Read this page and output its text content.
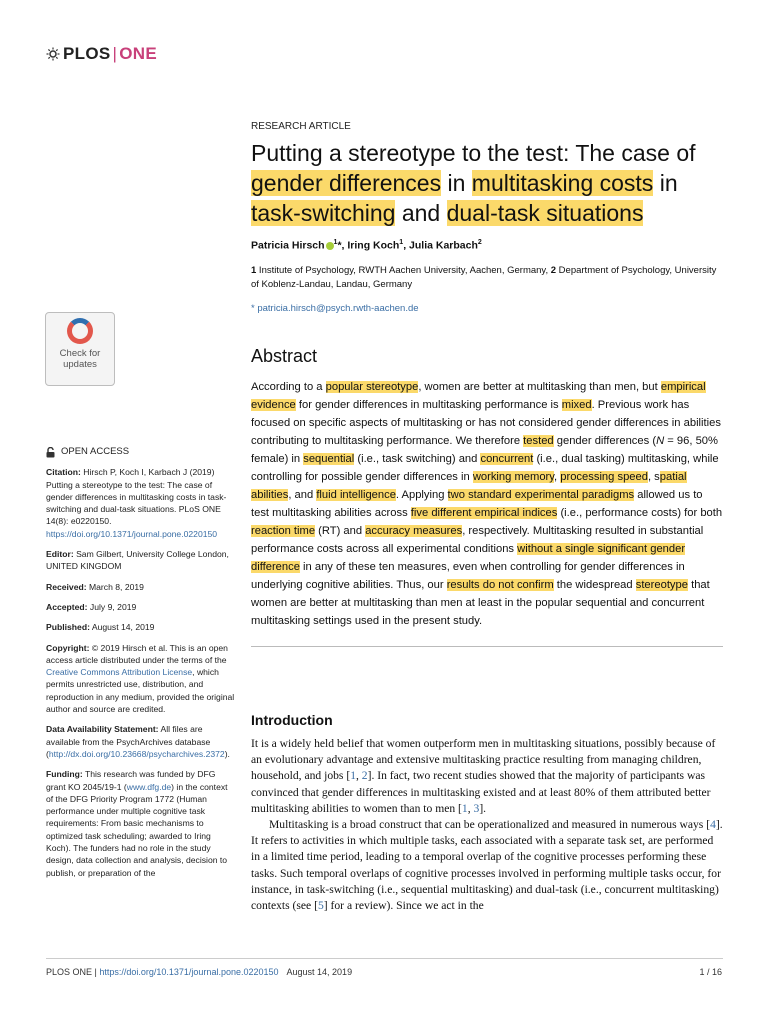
PLOS | ONE
RESEARCH ARTICLE
Putting a stereotype to the test: The case of gender differences in multitasking costs in
task-switching and dual-task situations
Patricia Hirsch $^1$*, Iring Koch$^1$, Julia Karbach$^2$
1 Institute of Psychology, RWTH Aachen University, Aachen, Germany, 2 Department of Psychology, University of Koblenz-Landau, Landau, Germany
* patricia.hirsch@psych.rwth-aachen.de
Check for
updates
OPEN ACCESS
Citation: Hirsch P, Koch I, Karbach J (2019) Putting a stereotype to the test: The case of gender differences in multitasking costs in task-switching and dual-task situations. PLoS ONE 14(8): e0220150. https://doi.org/10.1371/journal.pone.0220150
Editor: Sam Gilbert, University College London, UNITED KINGDOM
Received: March 8, 2019
Accepted: July 9, 2019
Published: August 14, 2019
Copyright: © 2019 Hirsch et al. This is an open access article distributed under the terms of the Creative Commons Attribution License, which permits unrestricted use, distribution, and reproduction in any medium, provided the original author and source are credited.
Data Availability Statement: All files are available from the PsychArchives database (http://dx.doi.org/10.23668/psycharchives.2372).
Funding: This research was funded by DFG grant KO 2045/19-1 (www.dfg.de) in the context of the DFG Priority Program 1772 (Human performance under multiple cognitive task requirements: From basic mechanisms to optimized task scheduling; awarded to Iring Koch). The funders had no role in the study design, data collection and analysis, decision to publish, or preparation of the
Abstract
According to a popular stereotype, women are better at multitasking than men, but empirical evidence for gender differences in multitasking performance is mixed. Previous work has focused on specific aspects of multitasking or has not considered gender differences in abilities contributing to multitasking performance. We therefore tested gender differences (N = 96, 50% female) in sequential (i.e., task switching) and concurrent (i.e., dual tasking) multitasking, while controlling for possible gender differences in working memory, processing speed, spatial abilities, and fluid intelligence. Applying two standard experimental paradigms allowed us to test multitasking abilities across five different empirical indices (i.e., performance costs) for both reaction time (RT) and accuracy measures, respectively. Multitasking resulted in substantial performance costs across all experimental conditions without a single significant gender difference in any of these ten measures, even when controlling for gender differences in underlying cognitive abilities. Thus, our results do not confirm the widespread stereotype that women are better at multitasking than men at least in the popular sequential and concurrent multitasking settings used in the present study.
Introduction

It is a widely held belief that women outperform men in multitasking situations, possibly because of an evolutionary advantage and extensive multitasking practice resulting from managing children, household, and jobs [1, 2]. In fact, two recent studies showed that the majority of participants was convinced that gender differences in multitasking existed and at least 80% of them attributed better multitasking abilities to women than to men [1, 3].

Multitasking is a broad construct that can be operationalized and measured in numerous ways [4]. It refers to activities in which multiple tasks, each associated with a separate task set, are performed in a limited time period, leading to a temporal overlap of the cognitive processes performing these tasks. Such temporal overlaps of cognitive processes involved in performing multiple tasks occur, for instance, in task-switching (i.e., sequential multitasking) and dual-task (i.e., concurrent multitasking) contexts (see [5] for a review). Since we act in the

PLOS ONE | https://doi.org/10.1371/journal.pone.0220150 August 14, 2019	1 / 16
